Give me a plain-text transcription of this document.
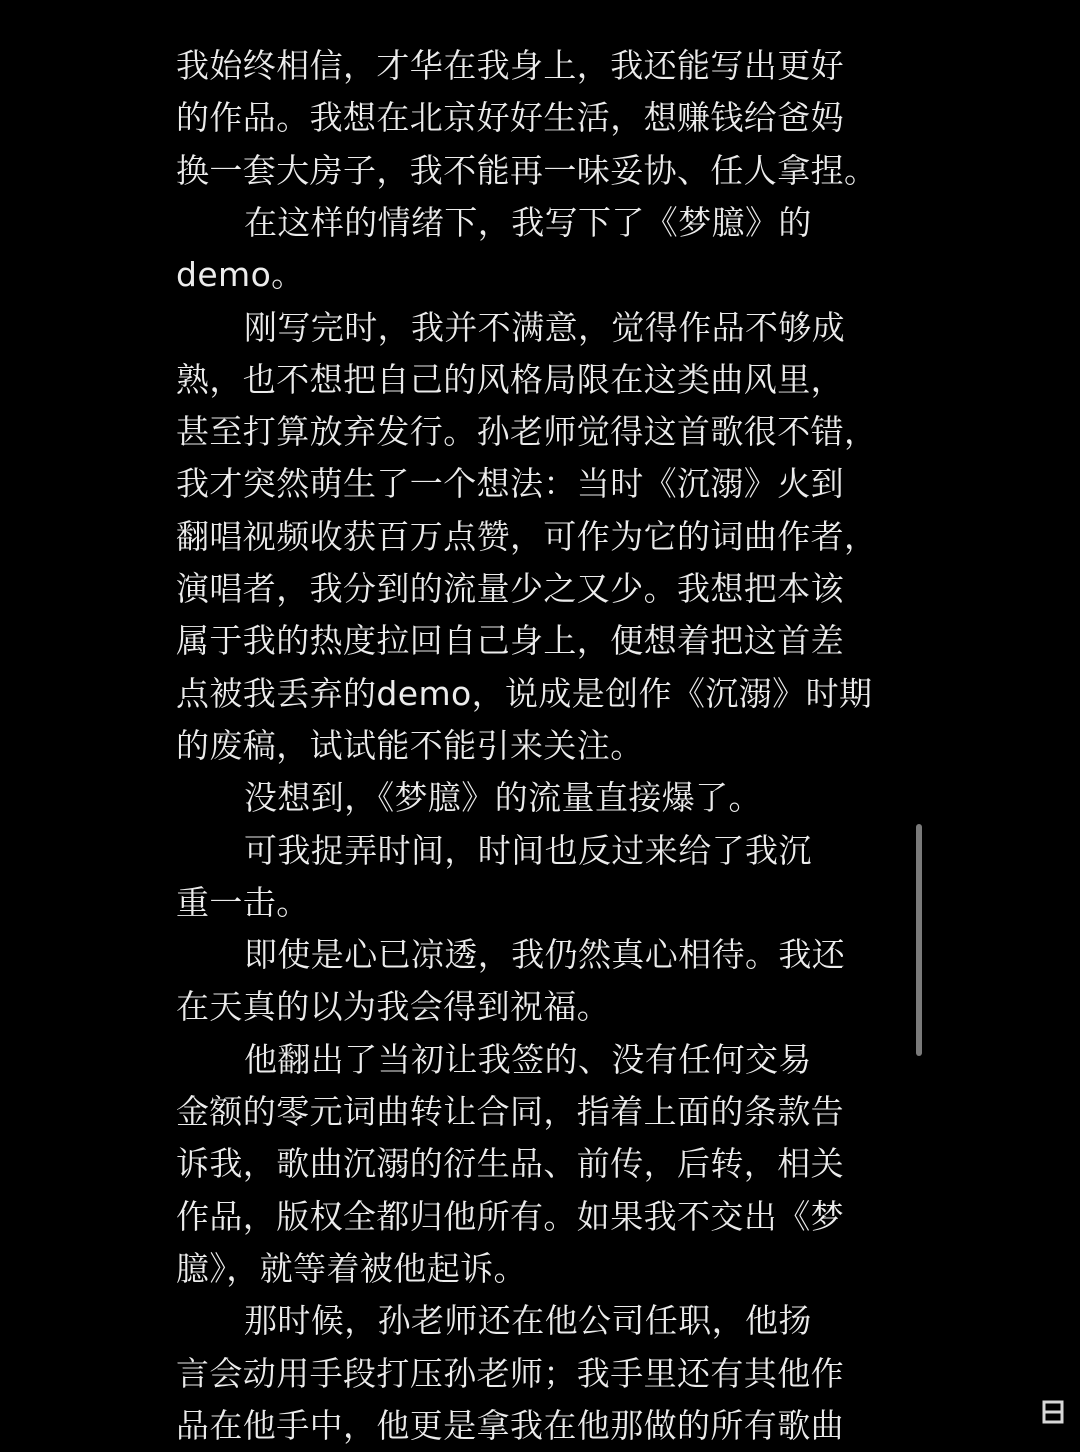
我始终相信，才华在我身上，我还能写出更好
的作品。我想在北京好好生活，想赚钱给爸妈
换一套大房子，我不能再一味妥协、任人拿捏。
在这样的情绪下，我写下了《梦臆》的
demo。
刚写完时，我并不满意，觉得作品不够成
熟，也不想把自己的风格局限在这类曲风里，
甚至打算放弃发行。孙老师觉得这首歌很不错，
我才突然萌生了一个想法：当时《沉溺》火到
翻唱视频收获百万点赞，可作为它的词曲作者，
演唱者，我分到的流量少之又少。我想把本该
属于我的热度拉回自己身上，便想着把这首差
点被我丢弃的demo，说成是创作《沉溺》时期
的废稿，试试能不能引来关注。
没想到，《梦臆》的流量直接爆了。
可我捉弄时间，时间也反过来给了我沉
重一击。
即使是心已凉透，我仍然真心相待。我还
在天真的以为我会得到祝福。
他翻出了当初让我签的、没有任何交易
金额的零元词曲转让合同，指着上面的条款告
诉我，歌曲沉溺的衍生品、前传，后转，相关
作品，版权全都归他所有。如果我不交出《梦
臆》，就等着被他起诉。
那时候，孙老师还在他公司任职，他扬
言会动用手段打压孙老师；我手里还有其他作
品在他手中，他更是拿我在他那做的所有歌曲
